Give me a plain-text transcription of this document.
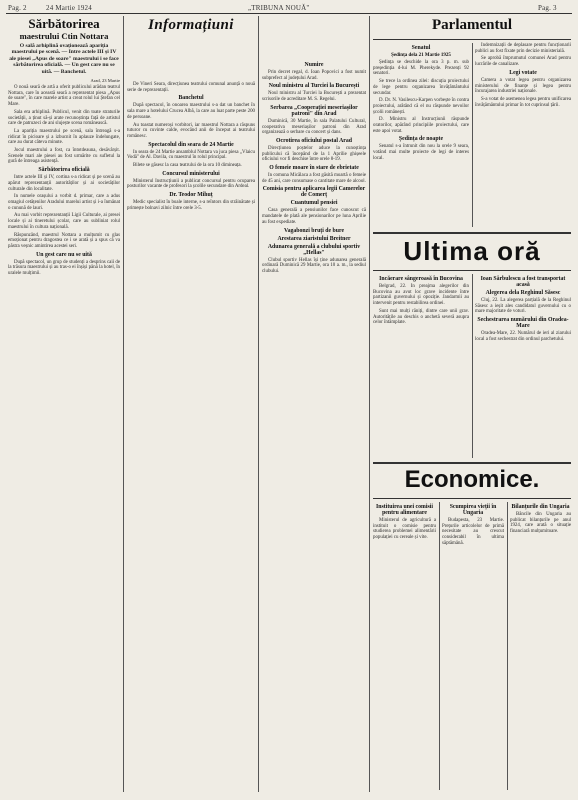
Pag. 2	24 Martie 1924	„TRIBUNA NOUĂ"	Pag. 3
Sărbătorirea
maestrului Ctin Nottara
O sală arhiplină ovaționează apariția maestrului pe scenă. — Intre actele III și IV ale piesei „Apus de soare" maestrului i se face sărbătorirea oficială. — Un gest care nu se uită. — Banchetul.
Arad, 23 Martie

O nouă seară de artă a oferit publicului arădan teatrul Nottara, care în această seară a reprezentat piesa „Apus de soare", în care marele artist a creat rolul lui Ștefan cel Mare.

Sala era arhiplină. Publicul, venit din toate straturile societății, a ținut să-și arate recunoștința față de artistul care de patruzeci de ani slujește scena românească.

La apariția maestrului pe scenă, sala întreagă s-a ridicat în picioare și a izbucnit în aplauze îndelungate, care au durat câteva minute.

Jocul maestrului a fost, ca întotdeauna, desăvârșit. Scenele mari ale piesei au fost urmărite cu sufletul la gură de întreaga asistență.

Sărbătorirea oficială

Intre actele III și IV, cortina s-a ridicat și pe scenă au apărut reprezentanții autorităților și ai societăților culturale din localitate.

In numele orașului a vorbit d. primar, care a adus omagiul cetățenilor Aradului marelui artist și i-a înmânat o cunună de lauri.

Au mai vorbit reprezentanții Ligii Culturale, ai presei locale și ai tineretului școlar, care au subliniat rolul maestrului în cultura națională.

Răspunzând, maestrul Nottara a mulțumit cu glas emoționat pentru dragostea ce i se arată și a spus că va păstra veșnic amintirea acestei seri.

Un gest care nu se uită

După spectacol, un grup de studenți a desprins caii de la trăsura maestrului și au tras-o ei înșiși până la hotel, în uralele mulțimii.

Informațiuni

De Vineri Seara, direcțiunea teatrului comunal anunță o nouă serie de reprezentații.

Banchetul

După spectacol, în onoarea maestrului s-a dat un banchet în sala mare a hotelului Crucea Albă, la care au luat parte peste 200 de persoane.

Au toastat numeroși vorbitori, iar maestrul Nottara a răspuns tuturor cu cuvinte calde, evocând anii de început ai teatrului românesc.

Spectacolul din seara de 24 Martie

In seara de 24 Martie ansamblul Nottara va juca piesa „Vlaicu Vodă" de Al. Davila, cu maestrul în rolul principal.

Bilete se găsesc la casa teatrului de la ora 10 dimineața.

Concursul ministerului

Ministerul Instrucțiunii a publicat concursul pentru ocuparea posturilor vacante de profesori la școlile secundare din Ardeal.

Dr. Teodor Mihuț

Medic specialist în boale interne, s-a reîntors din străinătate și primește bolnavi zilnic între orele 3-5.

Numire

Prin decret regal, d. Ioan Popovici a fost numit subprefect al județului Arad.

Noul ministru al Turciei la București

Noul ministru al Turciei la București a prezentat scrisorile de acreditare M. S. Regelui.

Serbarea „Cooperației meseriașilor patroni" din Arad

Duminică, 30 Martie, în sala Palatului Cultural, cooperativa meseriașilor patroni din Arad organizează o serbare cu concert și dans.

Ocrotirea oficiului postal Arad

Direcțiunea poștelor aduce la cunoștința publicului că începând de la 1 Aprilie ghișeele oficiului vor fi deschise între orele 8-19.

O femeie moare în stare de ebrietate

In comuna Micălaca a fost găsită moartă o femeie de 45 ani, care consumase o cantitate mare de alcool.

Comisia pentru aplicarea legii Camerelor de Comerț
Cuantumul pensiei

Casa generală a pensiunilor face cunoscut că mandatele de plată ale pensionarilor pe luna Aprilie au fost expediate.

Vagabonzi bruți de bure
Arestarea ziaristului Breitner
Adunarea generală a clubului sportiv „Hellas"

Clubul sportiv Hellas își ține adunarea generală ordinară Duminică 29 Martie, ora 10 a. m., la sediul clubului.

Parlamentul
Senatul
Ședința dela 21 Martie 1925

Ședința se deschide la ora 3 p. m. sub președinția d-lui M. Pherekyde. Prezenți 92 senatori.

Se trece la ordinea zilei: discuția proiectului de lege pentru organizarea învățământului secundar.

D. Dr. N. Vasilescu-Karpen vorbește în contra proiectului, arătând că el nu răspunde nevoilor școlii românești.

D. Ministru al Instrucțiunii răspunde oratorilor, apărând principiile proiectului, care este apoi votat.

Ședința de noapte

Senatul s-a întrunit din nou la orele 9 seara, votând mai multe proiecte de legi de interes local.

Indemnizații de deplasare pentru funcționarii publici au fost fixate prin decizie ministerială.

Se aprobă împrumutul comunei Arad pentru lucrările de canalizare.

Legi votate

Camera a votat legea pentru organizarea ministerului de finanțe și legea pentru încurajarea industriei naționale.

S-a votat de asemenea legea pentru unificarea învățământului primar în tot cuprinsul țării.

Ultima oră
Incăerare sângeroasă în Bucovina

Belgrad, 22. In preajma alegerilor din Bucovina au avut loc grave incidente între partizanii guvernului și opoziție. Jandarmii au intervenit pentru restabilirea ordinei.

Sunt mai mulți răniți, dintre care unii grav. Autoritățile au deschis o anchetă severă asupra celor întâmplate.

Ioan Sârbulescu a fost transportat acasă
Alegerea dela Reghinul Săsesc

Cluj, 22. La alegerea parțială de la Reghinul Săsesc a ieșit ales candidatul guvernului cu o mare majoritate de voturi.

Sechestrarea numărului din Oradea-Mare

Oradea-Mare, 22. Numărul de ieri al ziarului local a fost sechestrat din ordinul parchetului.

Economice.
Instituirea unei comisii pentru alimentare

Ministerul de agricultură a instituit o comisie pentru studierea problemei alimentării populației cu cereale și vite.

Scumpirea vieții în Ungaria

Budapesta, 23 Martie. Prețurile articolelor de primă necesitate au crescut considerabil în ultima săptămână.

Bilanțurile din Ungaria

Băncile din Ungaria au publicat bilanțurile pe anul 1924, care arată o situație financiară mulțumitoare.
